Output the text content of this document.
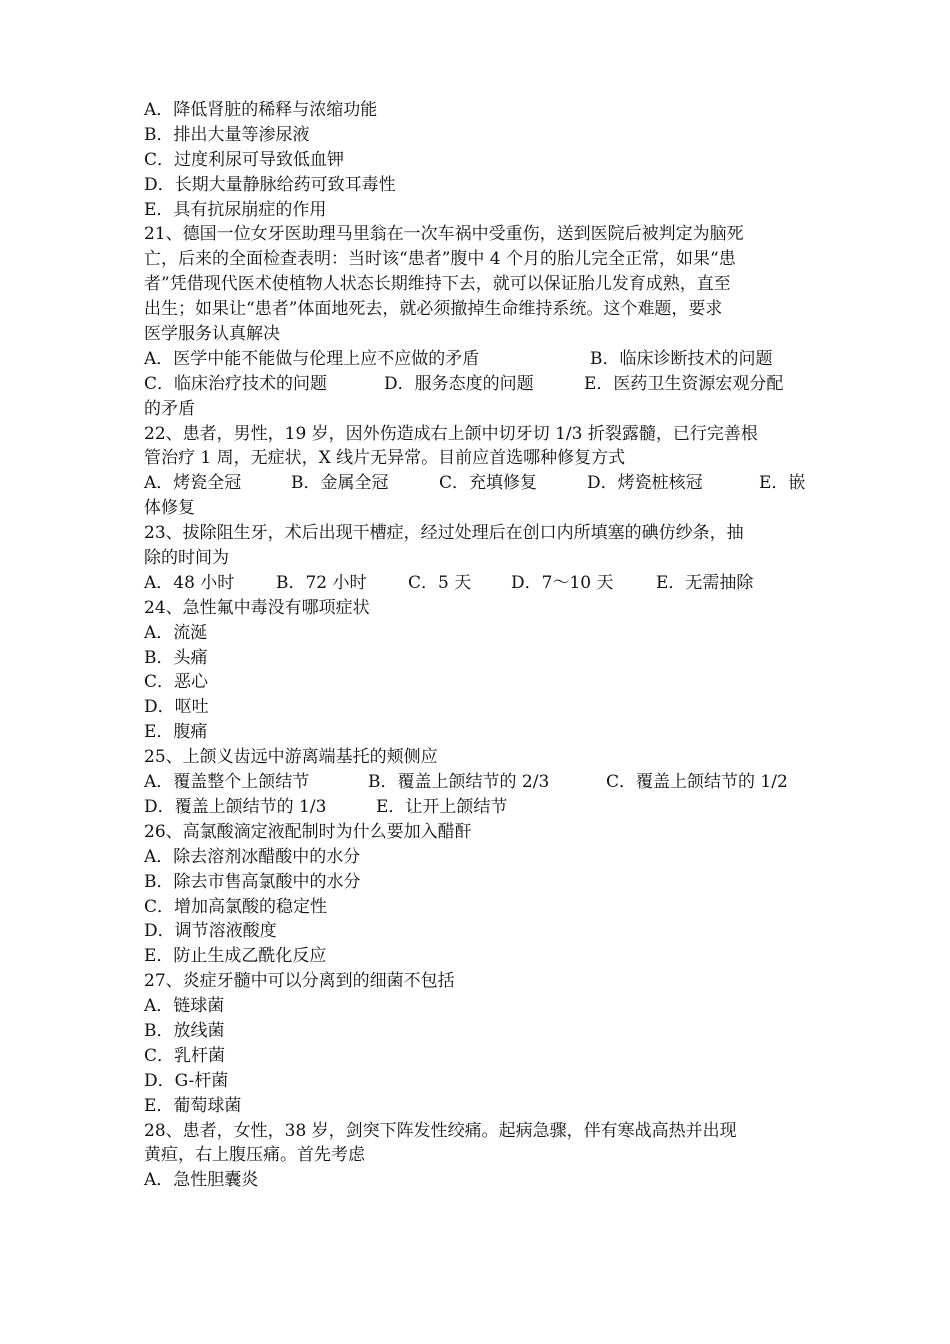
A．降低肾脏的稀释与浓缩功能
B．排出大量等渗尿液
C．过度利尿可导致低血钾
D．长期大量静脉给药可致耳毒性
E．具有抗尿崩症的作用
21、德国一位女牙医助理马里翁在一次车祸中受重伤，送到医院后被判定为脑死
亡，后来的全面检查表明：当时该“患者”腹中 4 个月的胎儿完全正常，如果“患
者”凭借现代医术使植物人状态长期维持下去，就可以保证胎儿发育成熟，直至
出生；如果让“患者”体面地死去，就必须撤掉生命维持系统。这个难题，要求
医学服务认真解决
A．医学中能不能做与伦理上应不应做的矛盾	B．临床诊断技术的问题
C．临床治疗技术的问题	D．服务态度的问题	E．医药卫生资源宏观分配
的矛盾
22、患者，男性，19 岁，因外伤造成右上颌中切牙切 1/3 折裂露髓，已行完善根
管治疗 1 周，无症状，X 线片无异常。目前应首选哪种修复方式
A．烤瓷全冠	B．金属全冠	C．充填修复	D．烤瓷桩核冠	E．嵌
体修复
23、拔除阻生牙，术后出现干槽症，经过处理后在创口内所填塞的碘仿纱条，抽
除的时间为
A．48 小时	B．72 小时	C．5 天	D．7～10 天	E．无需抽除
24、急性氟中毒没有哪项症状
A．流涎
B．头痛
C．恶心
D．呕吐
E．腹痛
25、上颌义齿远中游离端基托的颊侧应
A．覆盖整个上颌结节	B．覆盖上颌结节的 2/3	C．覆盖上颌结节的 1/2
D．覆盖上颌结节的 1/3	E．让开上颌结节
26、高氯酸滴定液配制时为什么要加入醋酐
A．除去溶剂冰醋酸中的水分
B．除去市售高氯酸中的水分
C．增加高氯酸的稳定性
D．调节溶液酸度
E．防止生成乙酰化反应
27、炎症牙髓中可以分离到的细菌不包括
A．链球菌
B．放线菌
C．乳杆菌
D．G-杆菌
E．葡萄球菌
28、患者，女性，38 岁，剑突下阵发性绞痛。起病急骤，伴有寒战高热并出现
黄疸，右上腹压痛。首先考虑
A．急性胆囊炎
